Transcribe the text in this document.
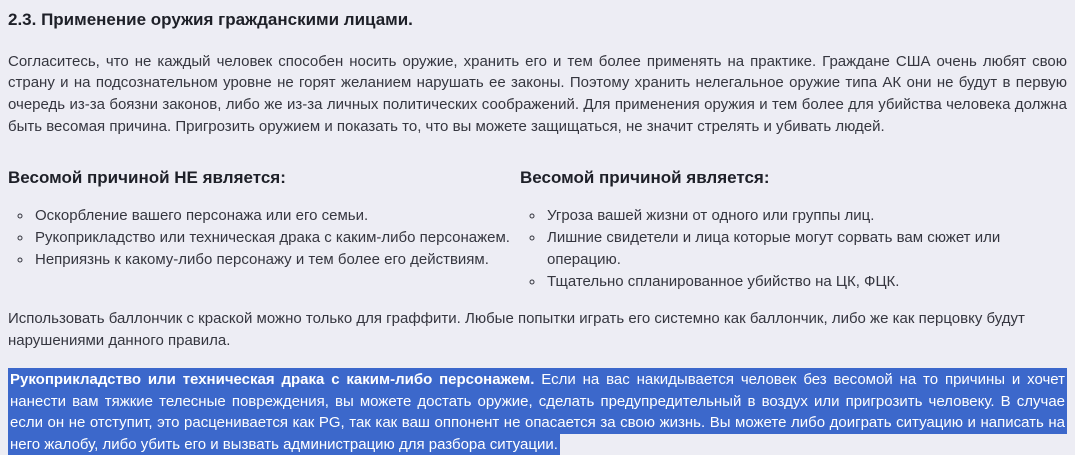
2.3. Применение оружия гражданскими лицами.

Согласитесь, что не каждый человек способен носить оружие, хранить его и тем более применять на практике. Граждане США очень любят свою страну и на подсознательном уровне не горят желанием нарушать ее законы. Поэтому хранить нелегальное оружие типа АК они не будут в первую очередь из-за боязни законов, либо же из-за личных политических соображений. Для применения оружия и тем более для убийства человека должна быть весомая причина. Пригрозить оружием и показать то, что вы можете защищаться, не значит стрелять и убивать людей.

Весомой причиной НЕ является:
◦ Оскорбление вашего персонажа или его семьи.
◦ Рукоприкладство или техническая драка с каким-либо персонажем.
◦ Неприязнь к какому-либо персонажу и тем более его действиям.
Весомой причиной является:
◦ Угроза вашей жизни от одного или группы лиц.
◦ Лишние свидетели и лица которые могут сорвать вам сюжет или операцию.
◦ Тщательно спланированное убийство на ЦК, ФЦК.

Использовать баллончик с краской можно только для граффити. Любые попытки играть его системно как баллончик, либо же как перцовку будут нарушениями данного правила.

Рукоприкладство или техническая драка с каким-либо персонажем. Если на вас накидывается человек без весомой на то причины и хочет нанести вам тяжкие телесные повреждения, вы можете достать оружие, сделать предупредительный в воздух или пригрозить человеку. В случае если он не отступит, это расценивается как PG, так как ваш оппонент не опасается за свою жизнь. Вы можете либо доиграть ситуацию и написать на него жалобу, либо убить его и вызвать администрацию для разбора ситуации.
